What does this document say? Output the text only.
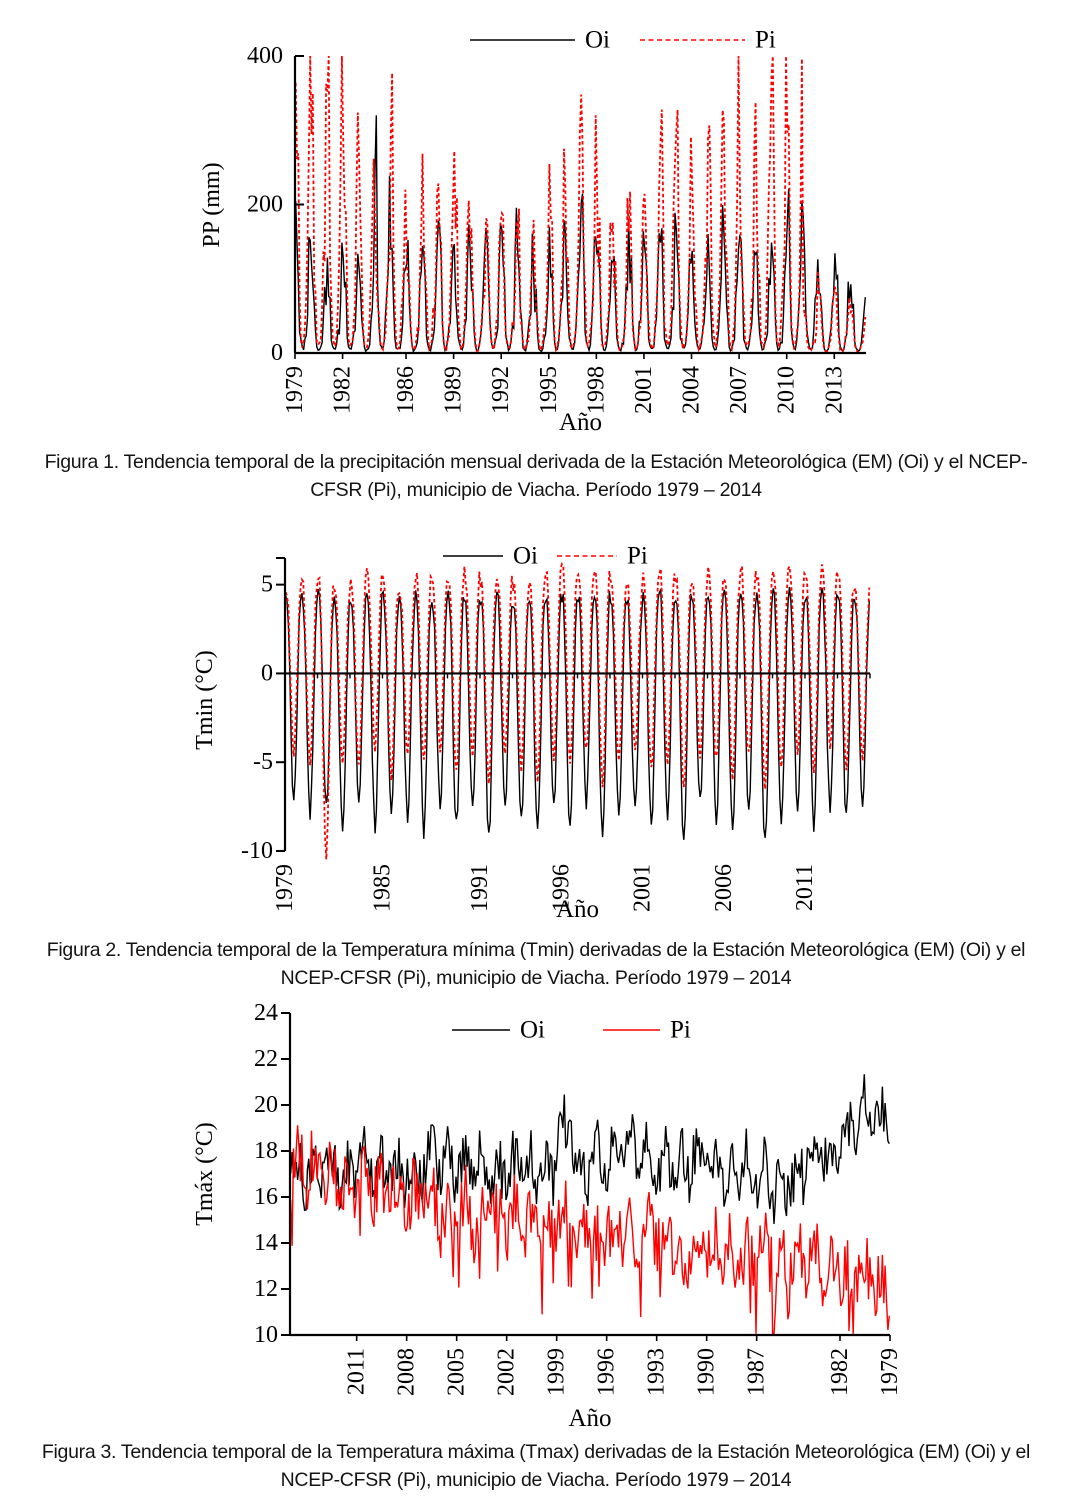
0
200
400
1979 1982 1986 1989 1992 1995 1998 2001 2004 2007 2010 2013
PP (mm)
Año
Oi	Pi

Figura 1. Tendencia temporal de la precipitación mensual derivada de la Estación Meteorológica (EM) (Oi) y el NCEP-CFSR (Pi), municipio de Viacha. Período 1979 – 2014

5
0
-5
-10
1979	1985	1991 1996 2001 2006 2011
Tmin (°C)
Año
Oi	Pi

Figura 2. Tendencia temporal de la Temperatura mínima (Tmin) derivadas de la Estación Meteorológica (EM) (Oi) y el NCEP-CFSR (Pi), municipio de Viacha. Período 1979 – 2014

24
22
20
18
16
14
12
10
2011 2008 2005 2002 1999 1996 1993 1990 1987 1982 1979
Tmáx (°C)
Año
Oi	Pi

Figura 3. Tendencia temporal de la Temperatura máxima (Tmax) derivadas de la Estación Meteorológica (EM) (Oi) y el NCEP-CFSR (Pi), municipio de Viacha. Período 1979 – 2014
